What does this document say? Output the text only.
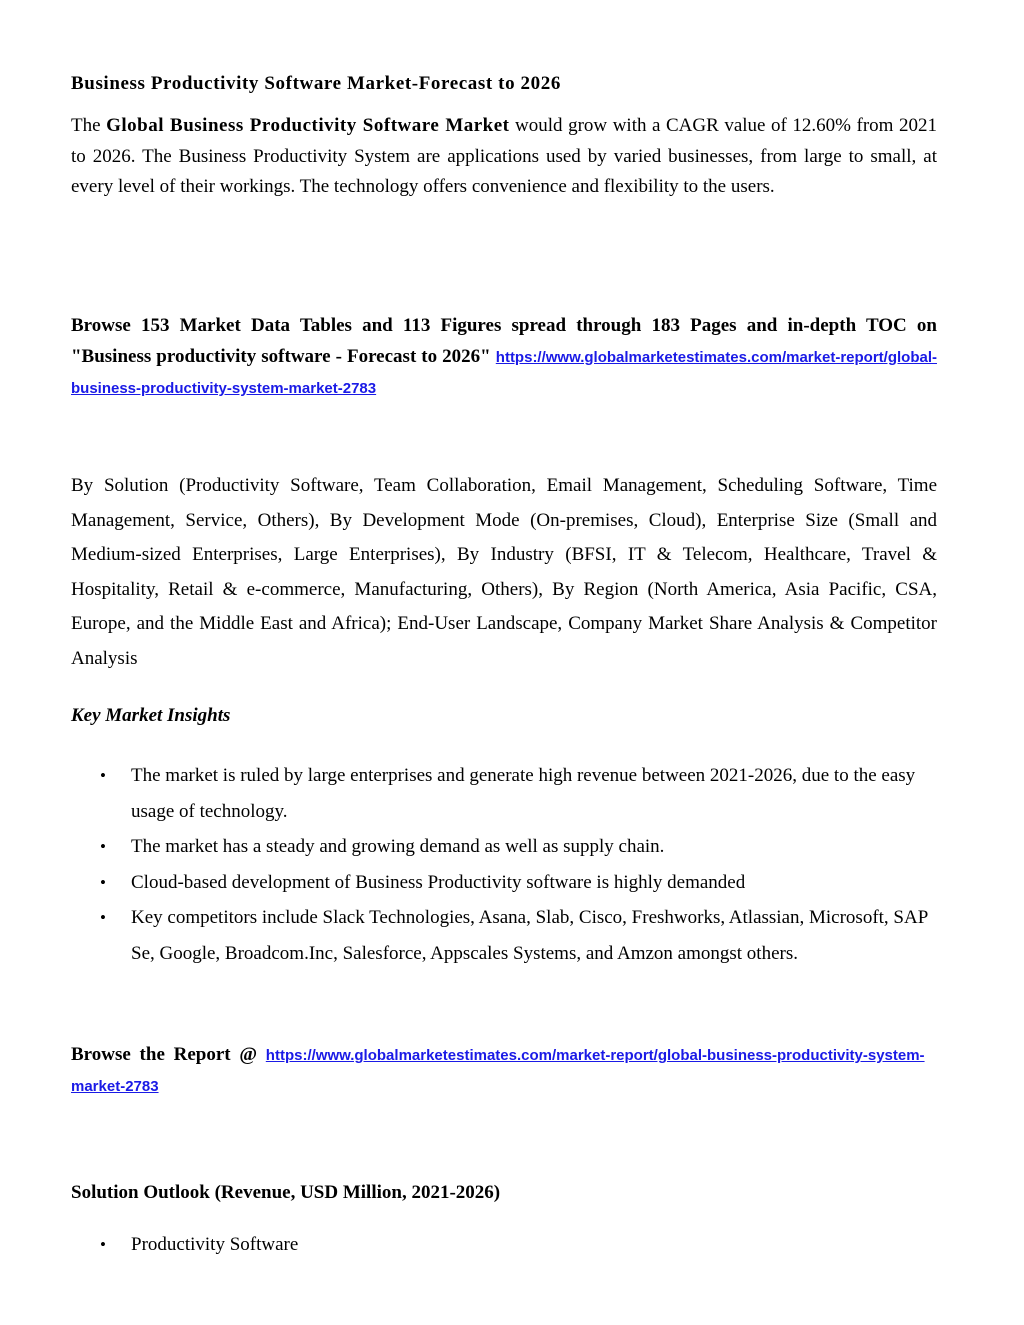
Business Productivity Software Market-Forecast to 2026

The Global Business Productivity Software Market would grow with a CAGR value of 12.60% from 2021 to 2026. The Business Productivity System are applications used by varied businesses, from large to small, at every level of their workings. The technology offers convenience and flexibility to the users.

Browse 153 Market Data Tables and 113 Figures spread through 183 Pages and in-depth TOC on "Business productivity software - Forecast to 2026" https://www.globalmarketestimates.com/market-report/global-business-productivity-system-market-2783

By Solution (Productivity Software, Team Collaboration, Email Management, Scheduling Software, Time Management, Service, Others), By Development Mode (On-premises, Cloud), Enterprise Size (Small and Medium-sized Enterprises, Large Enterprises), By Industry (BFSI, IT & Telecom, Healthcare, Travel & Hospitality, Retail & e-commerce, Manufacturing, Others), By Region (North America, Asia Pacific, CSA, Europe, and the Middle East and Africa); End-User Landscape, Company Market Share Analysis & Competitor Analysis

Key Market Insights

• The market is ruled by large enterprises and generate high revenue between 2021-2026, due to the easy usage of technology.
• The market has a steady and growing demand as well as supply chain.
• Cloud-based development of Business Productivity software is highly demanded
• Key competitors include Slack Technologies, Asana, Slab, Cisco, Freshworks, Atlassian, Microsoft, SAP Se, Google, Broadcom.Inc, Salesforce, Appscales Systems, and Amzon amongst others.

Browse the Report @ https://www.globalmarketestimates.com/market-report/global-business-productivity-system-market-2783

Solution Outlook (Revenue, USD Million, 2021-2026)

• Productivity Software
